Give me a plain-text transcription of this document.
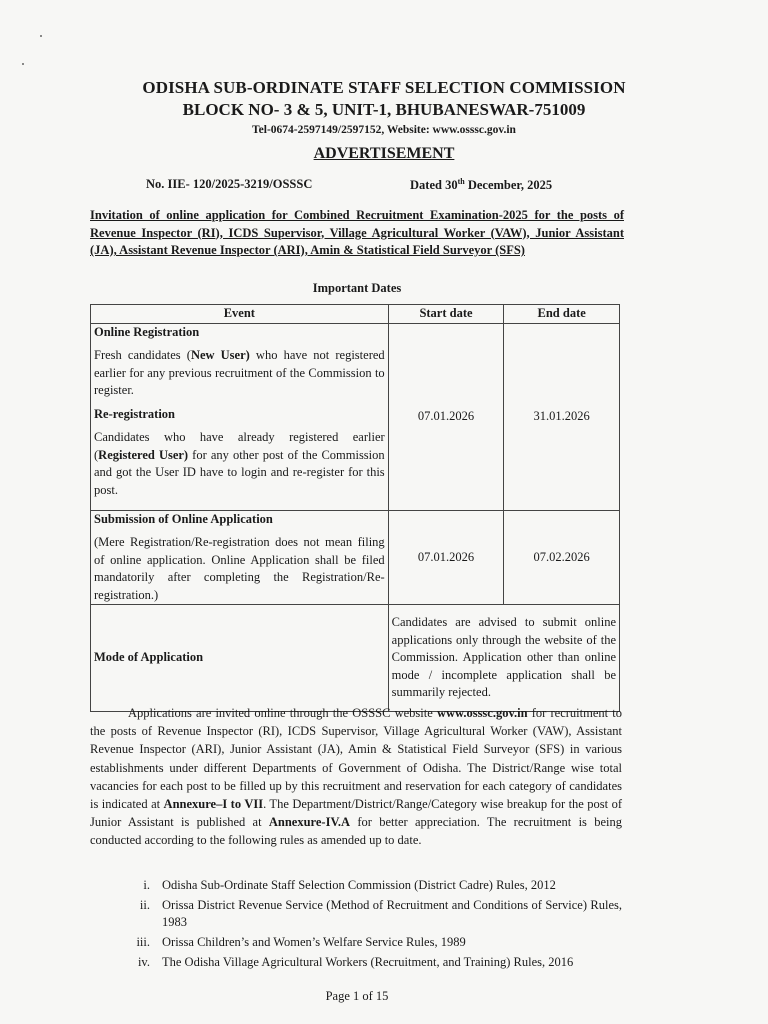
ODISHA SUB-ORDINATE STAFF SELECTION COMMISSION
BLOCK NO- 3 & 5, UNIT-1, BHUBANESWAR-751009
Tel-0674-2597149/2597152, Website: www.osssc.gov.in
ADVERTISEMENT
No. IIE- 120/2025-3219/OSSSC	Dated 30th December, 2025
Invitation of online application for Combined Recruitment Examination-2025 for the posts of Revenue Inspector (RI), ICDS Supervisor, Village Agricultural Worker (VAW), Junior Assistant (JA), Assistant Revenue Inspector (ARI), Amin & Statistical Field Surveyor (SFS)
Important Dates
Event	Start date	End date

Online Registration
Fresh candidates (New User) who have not registered earlier for any previous recruitment of the Commission to register.
Re-registration
Candidates who have already registered earlier (Registered User) for any other post of the Commission and got the User ID have to login and re-register for this post.	07.01.2026	31.01.2026

Submission of Online Application
(Mere Registration/Re-registration does not mean filing of online application. Online Application shall be filed mandatorily after completing the Registration/Re-registration.)	07.01.2026	07.02.2026
Mode of Application	Candidates are advised to submit online applications only through the website of the Commission. Application other than online mode / incomplete application shall be summarily rejected.	
Applications are invited online through the OSSSC website www.osssc.gov.in for recruitment to the posts of Revenue Inspector (RI), ICDS Supervisor, Village Agricultural Worker (VAW), Assistant Revenue Inspector (ARI), Junior Assistant (JA), Amin & Statistical Field Surveyor (SFS) in various establishments under different Departments of Government of Odisha. The District/Range wise total vacancies for each post to be filled up by this recruitment and reservation for each category of candidates is indicated at Annexure–I to VII. The Department/District/Range/Category wise breakup for the post of Junior Assistant is published at Annexure-IV.A for better appreciation. The recruitment is being conducted according to the following rules as amended up to date.
i. Odisha Sub-Ordinate Staff Selection Commission (District Cadre) Rules, 2012
ii. Orissa District Revenue Service (Method of Recruitment and Conditions of Service) Rules, 1983
iii. Orissa Children’s and Women’s Welfare Service Rules, 1989
iv. The Odisha Village Agricultural Workers (Recruitment, and Training) Rules, 2016
Page 1 of 15
